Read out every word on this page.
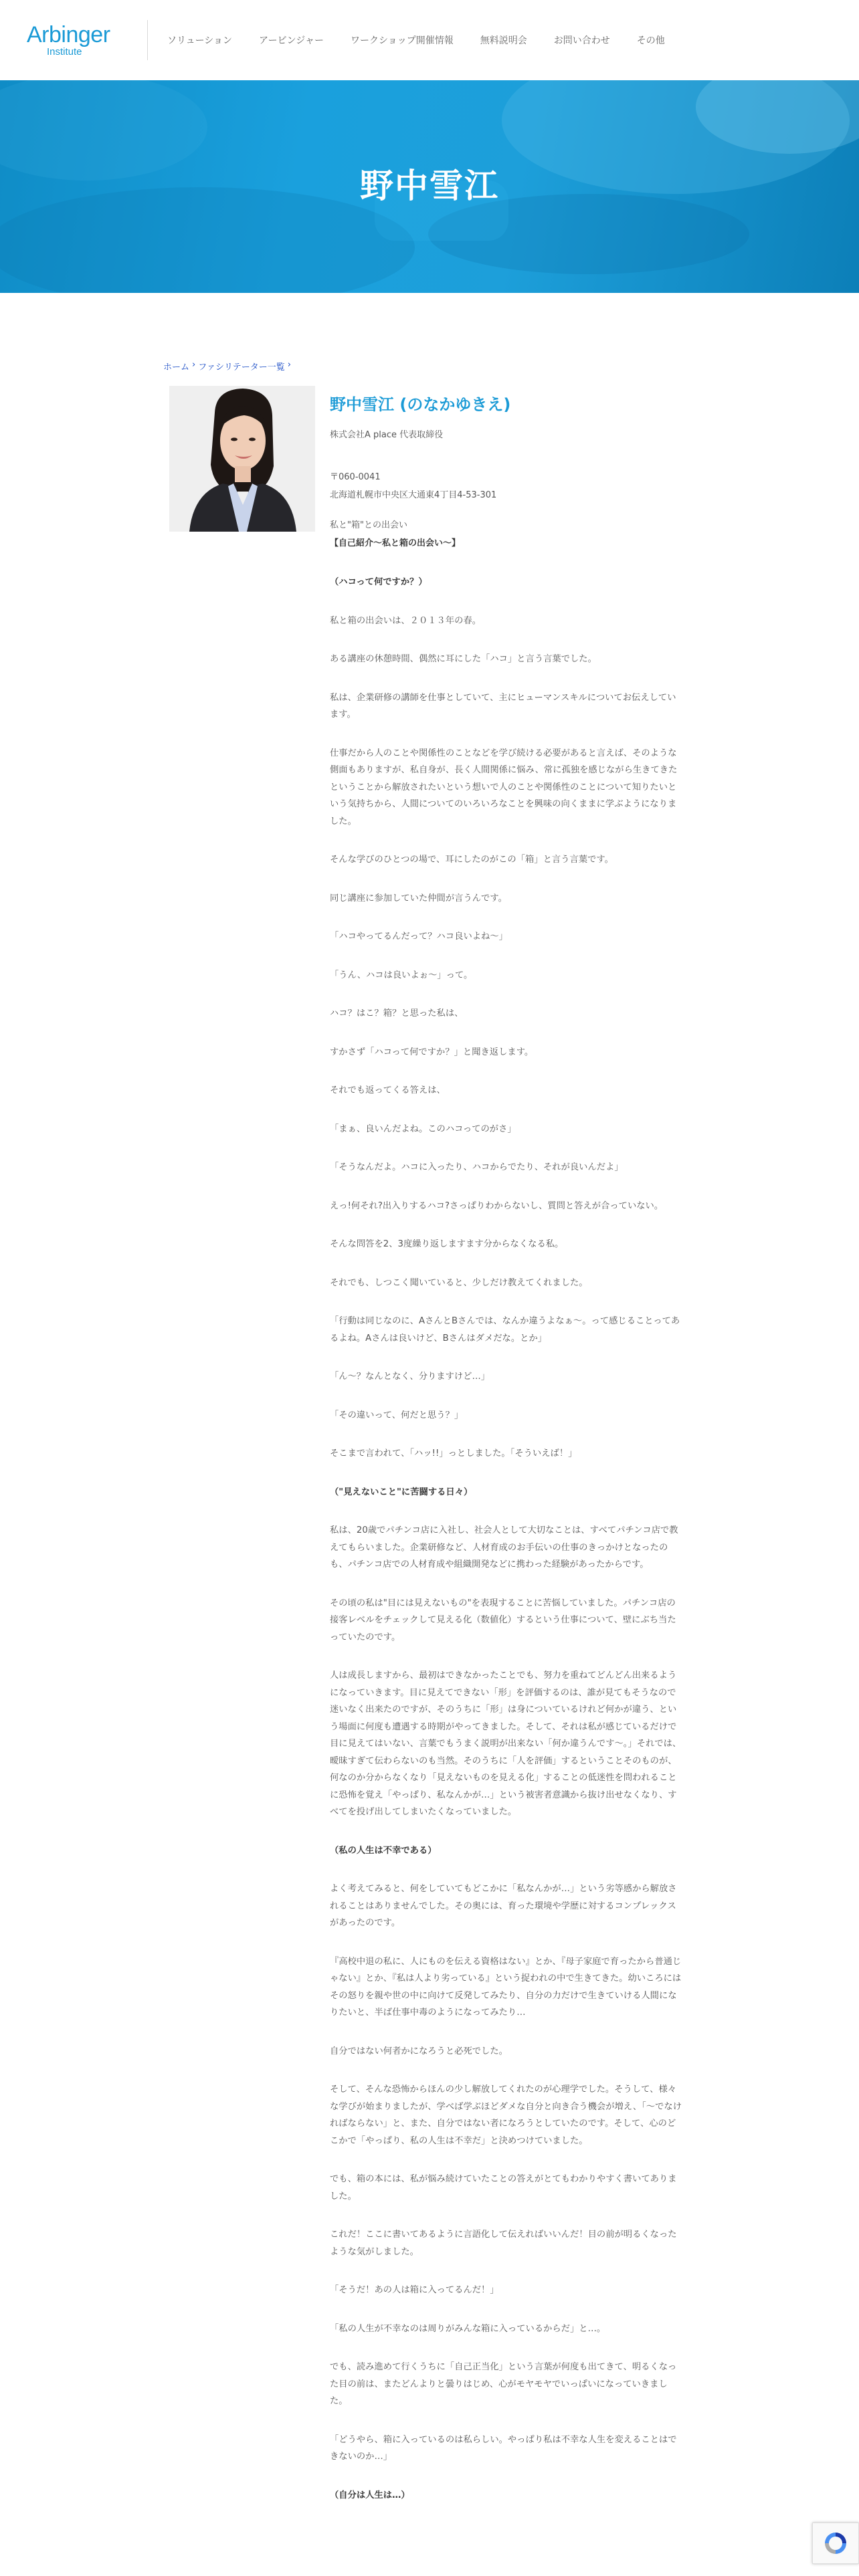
Arbinger
Institute
ソリューション	アービンジャー	ワークショップ開催情報	無料説明会	お問い合わせ	その他
野中雪江
ホーム › ファシリテーター一覧 ›
野中雪江 (のなかゆきえ)

株式会社A place 代表取締役

〒060-0041

北海道札幌市中央区大通東4丁目4-53-301

私と"箱"との出会い

【自己紹介〜私と箱の出会い〜】

（ハコって何ですか？）

私と箱の出会いは、２０１３年の春。

ある講座の休憩時間、偶然に耳にした「ハコ」と言う言葉でした。

私は、企業研修の講師を仕事としていて、主にヒューマンスキルについてお伝えしています。

仕事だから人のことや関係性のことなどを学び続ける必要があると言えば、そのような側面もありますが、私自身が、長く人間関係に悩み、常に孤独を感じながら生きてきたということから解放されたいという想いで人のことや関係性のことについて知りたいという気持ちから、人間についてのいろいろなことを興味の向くままに学ぶようになりました。

そんな学びのひとつの場で、耳にしたのがこの「箱」と言う言葉です。

同じ講座に参加していた仲間が言うんです。

「ハコやってるんだって？ハコ良いよね〜」

「うん、ハコは良いよぉ〜」って。

ハコ？はこ？箱？と思った私は、

すかさず「ハコって何ですか？」と聞き返します。

それでも返ってくる答えは、

「まぁ、良いんだよね。このハコってのがさ」

「そうなんだよ。ハコに入ったり、ハコからでたり、それが良いんだよ」

えっ!何それ?出入りするハコ?さっぱりわからないし、質問と答えが合っていない。

そんな問答を2、3度繰り返しますます分からなくなる私。

それでも、しつこく聞いていると、少しだけ教えてくれました。

「行動は同じなのに、AさんとBさんでは、なんか違うよなぁ〜。って感じることってあるよね。Aさんは良いけど、Bさんはダメだな。とか」

「ん〜？なんとなく、分りますけど…」

「その違いって、何だと思う？」

そこまで言われて、「ハッ!!」っとしました。「そういえば！」

（"見えないこと"に苦闘する日々）

私は、20歳でパチンコ店に入社し、社会人として大切なことは、すべてパチンコ店で教えてもらいました。企業研修など、人材育成のお手伝いの仕事のきっかけとなったのも、パチンコ店での人材育成や組織開発などに携わった経験があったからです。

その頃の私は"目には見えないもの"を表現することに苦悩していました。パチンコ店の接客レベルをチェックして見える化（数値化）するという仕事について、壁にぶち当たっていたのです。

人は成長しますから、最初はできなかったことでも、努力を重ねてどんどん出来るようになっていきます。目に見えてできない「形」を評価するのは、誰が見てもそうなので迷いなく出来たのですが、そのうちに「形」は身についているけれど何かが違う、という場面に何度も遭遇する時期がやってきました。そして、それは私が感じているだけで目に見えてはいない、言葉でもうまく説明が出来ない「何か違うんです〜。」それでは、曖昧すぎて伝わらないのも当然。そのうちに「人を評価」するということそのものが、何なのか分からなくなり「見えないものを見える化」することの低迷性を問われることに恐怖を覚え「やっぱり、私なんかが…」という被害者意識から抜け出せなくなり、すべてを投げ出してしまいたくなっていました。

（私の人生は不幸である）

よく考えてみると、何をしていてもどこかに「私なんかが…」という劣等感から解放されることはありませんでした。その奥には、育った環境や学歴に対するコンプレックスがあったのです。

『高校中退の私に、人にものを伝える資格はない』とか、『母子家庭で育ったから普通じゃない』とか、『私は人より劣っている』という捉われの中で生きてきた。幼いころにはその怒りを親や世の中に向けて反発してみたり、自分の力だけで生きていける人間になりたいと、半ば仕事中毒のようになってみたり…

自分ではない何者かになろうと必死でした。

そして、そんな恐怖からほんの少し解放してくれたのが心理学でした。そうして、様々な学びが始まりましたが、学べば学ぶほどダメな自分と向き合う機会が増え、「〜でなければならない」と、また、自分ではない者になろうとしていたのです。そして、心のどこかで「やっぱり、私の人生は不幸だ」と決めつけていました。

でも、箱の本には、私が悩み続けていたことの答えがとてもわかりやすく書いてありました。

これだ！ここに書いてあるように言語化して伝えればいいんだ！目の前が明るくなったような気がしました。

「そうだ！あの人は箱に入ってるんだ！」

「私の人生が不幸なのは周りがみんな箱に入っているからだ」と…。

でも、読み進めて行くうちに「自己正当化」という言葉が何度も出てきて、明るくなった目の前は、またどんよりと曇りはじめ、心がモヤモヤでいっぱいになっていきました。

「どうやら、箱に入っているのは私らしい。やっぱり私は不幸な人生を変えることはできないのか…」

（自分は人生は…）
